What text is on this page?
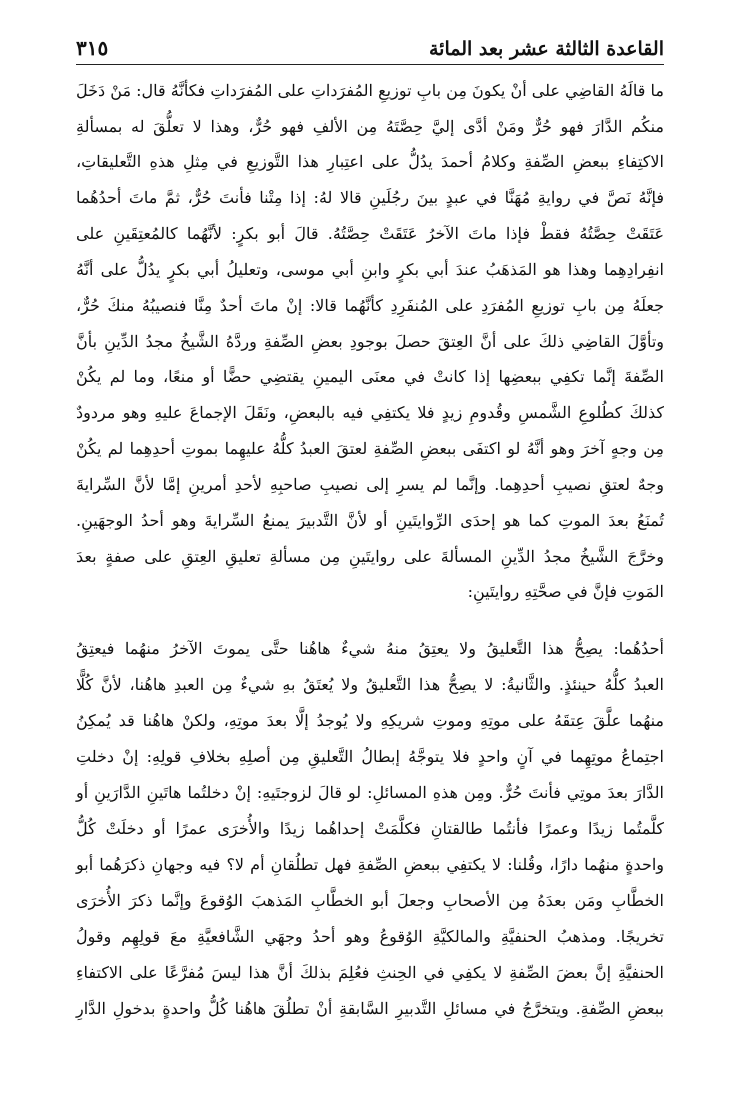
القاعدة الثالثة عشر بعد المائة
٣١٥
ما قالَهُ القاضِي على أنْ يكونَ مِن بابِ توزيعِ المُفرَداتِ على المُفرَداتِ فكأنَّهُ قال: مَنْ دَخَلَ
منكُم الدَّارَ فهو حُرٌّ ومَنْ أدَّى إليَّ حِصَّتَهُ مِن الألفِ فهو حُرٌّ، وهذا لا تعلُّقَ له بمسألةِ
الاكتِفاءِ ببعضِ الصِّفةِ وكلامُ أحمدَ يدُلُّ على اعتِبارِ هذا التَّوزيعِ في مِثلِ هذهِ التَّعليقاتِ،
فإنَّهُ نَصَّ في روايةِ مُهَنَّا في عبدٍ بينَ رجُلَينِ قالا لهُ: إذا مِتْنا فأنتَ حُرٌّ، ثمَّ ماتَ أحدُهُما
عَتَقَتْ حِصَّتُهُ فقطْ فإذا ماتَ الآخرُ عَتَقَتْ حِصَّتُهُ. قالَ أبو بكرٍ: لأنَّهُما كالمُعتِقَينِ على
انفِرادِهِما وهذا هو المَذهَبُ عندَ أبي بكرٍ وابنِ أبي موسى، وتعليلُ أبي بكرٍ يدُلُّ على أنَّهُ
جعلَهُ مِن بابِ توزيعِ المُفرَدِ على المُنفَرِدِ كأنَّهُما قالا: إنْ ماتَ أحدٌ مِنَّا فنصيبُهُ منكَ حُرٌّ،
وتأوَّلَ القاضِي ذلكَ على أنَّ العِتقَ حصلَ بوجودِ بعضِ الصِّفةِ وردَّهُ الشَّيخُ مجدُ الدِّينِ بأنَّ
الصِّفةَ إنَّما تكفِي ببعضِها إذا كانتْ في معنَى اليمينِ يقتضِي حضًّا أو منعًا، وما لم يكُنْ
كذلكَ كطُلوعِ الشَّمسِ وقُدومِ زيدٍ فلا يكتفِي فيه بالبعضِ، ونَقَلَ الإجماعَ عليهِ وهو مردودٌ
مِن وجهٍ آخرَ وهو أنَّهُ لو اكتفَى ببعضِ الصِّفةِ لعتقَ العبدُ كلُّهُ عليهِما بموتِ أحدِهِما لم يكُنْ
وجهٌ لعتقِ نصيبِ أحدِهِما. وإنَّما لم يسرِ إلى نصيبِ صاحبِهِ لأحدِ أمرينِ إمَّا لأنَّ السِّرايةَ
تُمنَعُ بعدَ الموتِ كما هو إحدَى الرِّوايتَينِ أو لأنَّ التَّدبيرَ يمنعُ السِّرايةَ وهو أحدُ الوجهَينِ.
وخرَّجَ الشَّيخُ مجدُ الدِّينِ المسألةَ على روايتَينِ مِن مسألةِ تعليقِ العِتقِ على صفةٍ بعدَ
المَوتِ فإنَّ في صحَّتِهِ روايتَينِ:
أحدُهُما: يصِحُّ هذا التَّعليقُ ولا يعتِقُ منهُ شيءٌ هاهُنا حتَّى يموتَ الآخرُ منهُما فيعتِقُ
العبدُ كلُّهُ حينئذٍ. والثَّانيةُ: لا يصِحُّ هذا التَّعليقُ ولا يُعتَقُ بهِ شيءٌ مِن العبدِ هاهُنا، لأنَّ كُلًّا
منهُما علَّقَ عِتقَهُ على موتِهِ وموتِ شريكِهِ ولا يُوجدُ إلَّا بعدَ موتِهِ، ولكنْ هاهُنا قد يُمكِنُ
اجتِماعُ موتِهِما في آنٍ واحدٍ فلا يتوجَّهُ إبطالُ التَّعليقِ مِن أصلِهِ بخلافِ قولِهِ: إنْ دخلتِ
الدَّارَ بعدَ موتِي فأنتَ حُرٌّ. ومِن هذهِ المسائلِ: لو قالَ لزوجتَيهِ: إنْ دخلتُما هاتَينِ الدَّارَينِ أو
كلَّمتُما زيدًا وعمرًا فأنتُما طالقتانِ فكلَّمَتْ إحداهُما زيدًا والأُخرَى عمرًا أو دخلَتْ كُلُّ
واحدةٍ منهُما دارًا، وقُلنا: لا يكتفِي ببعضِ الصِّفةِ فهل تطلُقانِ أم لا؟ فيه وجهانِ ذكرَهُما أبو
الخطَّابِ ومَن بعدَهُ مِن الأصحابِ وجعلَ أبو الخطَّابِ المَذهبَ الوُقوعَ وإنَّما ذكرَ الأُخرَى
تخريجًا. ومذهبُ الحنفيَّةِ والمالكيَّةِ الوُقوعُ وهو أحدُ وجهَي الشَّافعيَّةِ معَ قولِهِم وقولُ
الحنفيَّةِ إنَّ بعضَ الصِّفةِ لا يكفِي في الحِنثِ فعُلِمَ بذلكَ أنَّ هذا ليسَ مُفرَّعًا على الاكتفاءِ
ببعضِ الصِّفةِ. ويتخرَّجُ في مسائلِ التَّدبيرِ السَّابقةِ أنْ تطلُقَ هاهُنا كُلُّ واحدةٍ بدخولِ الدَّارِ
